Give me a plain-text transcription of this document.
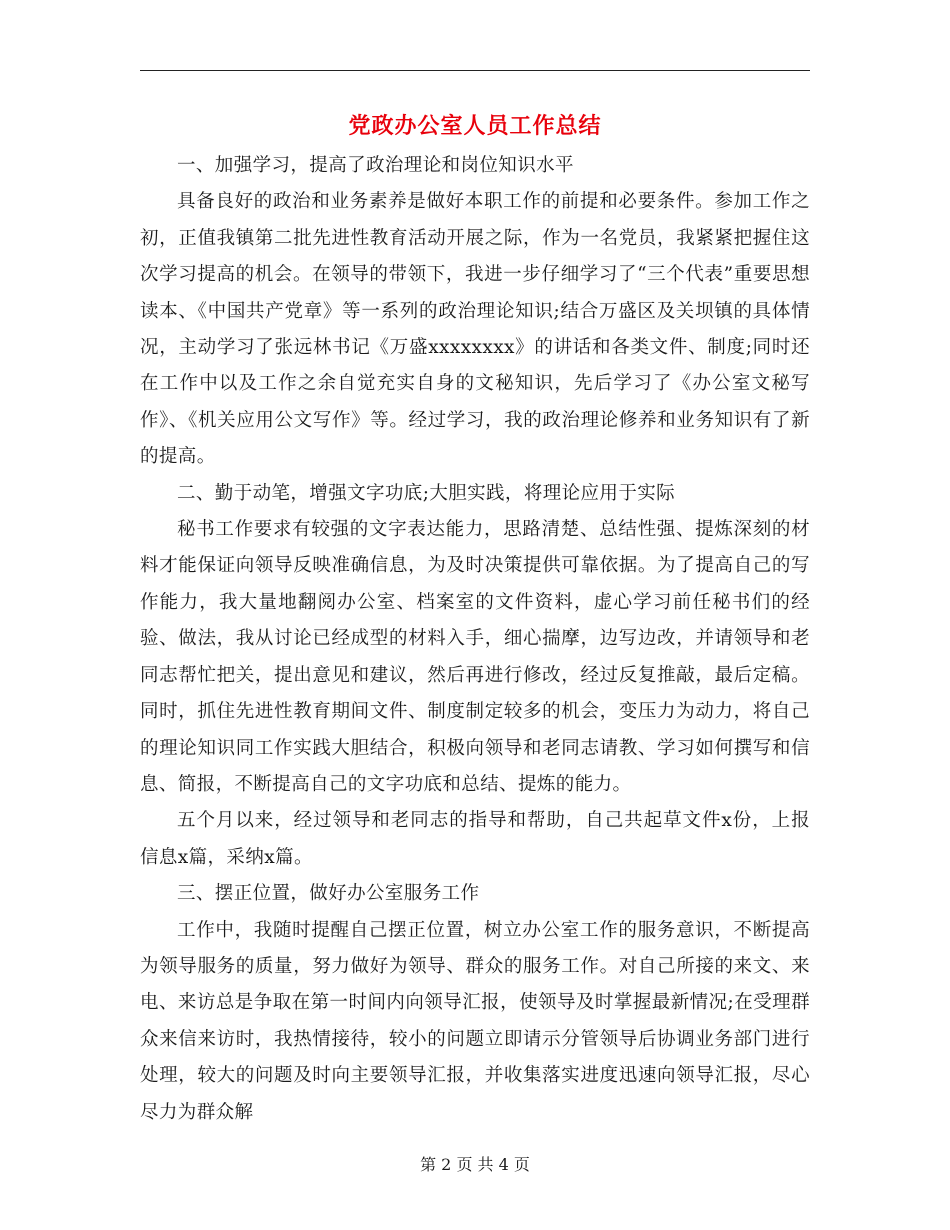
党政办公室人员工作总结

一、加强学习，提高了政治理论和岗位知识水平

具备良好的政治和业务素养是做好本职工作的前提和必要条件。参加工作之初，正值我镇第二批先进性教育活动开展之际，作为一名党员，我紧紧把握住这次学习提高的机会。在领导的带领下，我进一步仔细学习了“三个代表”重要思想读本、《中国共产党章》等一系列的政治理论知识;结合万盛区及关坝镇的具体情况，主动学习了张远林书记《万盛xxxxxxxx》的讲话和各类文件、制度;同时还在工作中以及工作之余自觉充实自身的文秘知识，先后学习了《办公室文秘写作》、《机关应用公文写作》等。经过学习，我的政治理论修养和业务知识有了新的提高。

二、勤于动笔，增强文字功底;大胆实践，将理论应用于实际

秘书工作要求有较强的文字表达能力，思路清楚、总结性强、提炼深刻的材料才能保证向领导反映准确信息，为及时决策提供可靠依据。为了提高自己的写作能力，我大量地翻阅办公室、档案室的文件资料，虚心学习前任秘书们的经验、做法，我从讨论已经成型的材料入手，细心揣摩，边写边改，并请领导和老同志帮忙把关，提出意见和建议，然后再进行修改，经过反复推敲，最后定稿。同时，抓住先进性教育期间文件、制度制定较多的机会，变压力为动力，将自己的理论知识同工作实践大胆结合，积极向领导和老同志请教、学习如何撰写和信息、简报，不断提高自己的文字功底和总结、提炼的能力。

五个月以来，经过领导和老同志的指导和帮助，自己共起草文件x份，上报信息x篇，采纳x篇。

三、摆正位置，做好办公室服务工作

工作中，我随时提醒自己摆正位置，树立办公室工作的服务意识，不断提高为领导服务的质量，努力做好为领导、群众的服务工作。对自己所接的来文、来电、来访总是争取在第一时间内向领导汇报，使领导及时掌握最新情况;在受理群众来信来访时，我热情接待，较小的问题立即请示分管领导后协调业务部门进行处理，较大的问题及时向主要领导汇报，并收集落实进度迅速向领导汇报，尽心尽力为群众解

第 2 页 共 4 页
